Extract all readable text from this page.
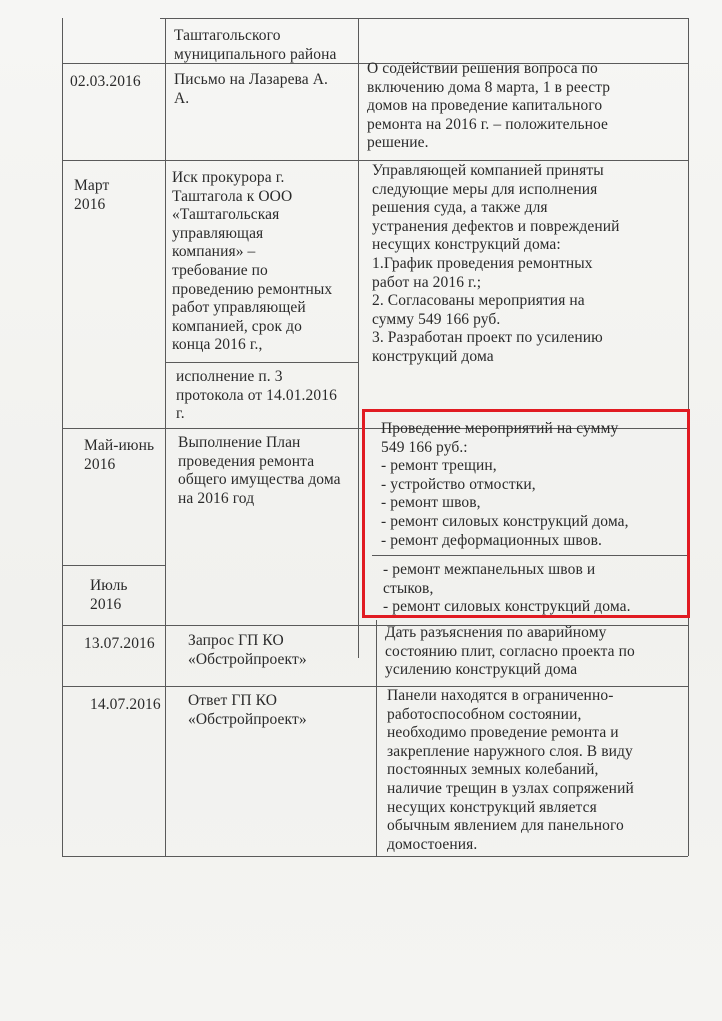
Таштагольского
муниципального района
02.03.2016 Письмо на Лазарева А.
А.
О содействии решения вопроса по
включению дома 8 марта, 1 в реестр
домов на проведение капитального
ремонта на 2016 г. – положительное
решение.
Март
2016
Иск прокурора г.
Таштагола к ООО
«Таштагольская
управляющая
компания» –
требование по
проведению ремонтных
работ управляющей
компанией, срок до
конца 2016 г.,
исполнение п. 3
протокола от 14.01.2016
г.
Управляющей компанией приняты
следующие меры для исполнения
решения суда, а также для
устранения дефектов и повреждений
несущих конструкций дома:
1.График проведения ремонтных
работ на 2016 г.;
2. Согласованы мероприятия на
сумму 549 166 руб.
3. Разработан проект по усилению
конструкций дома
Май-июнь
2016
Июль
2016
Выполнение План
проведения ремонта
общего имущества дома
на 2016 год
Проведение мероприятий на сумму
549 166 руб.:
- ремонт трещин,
- устройство отмостки,
- ремонт швов,
- ремонт силовых конструкций дома,
- ремонт деформационных швов.
- ремонт межпанельных швов и
стыков,
- ремонт силовых конструкций дома.
13.07.2016 Запрос ГП КО
«Обстройпроект»
Дать разъяснения по аварийному
состоянию плит, согласно проекта по
усилению конструкций дома
14.07.2016 Ответ ГП КО
«Обстройпроект»
Панели находятся в ограниченно-
работоспособном состоянии,
необходимо проведение ремонта и
закрепление наружного слоя. В виду
постоянных земных колебаний,
наличие трещин в узлах сопряжений
несущих конструкций является
обычным явлением для панельного
домостоения.
